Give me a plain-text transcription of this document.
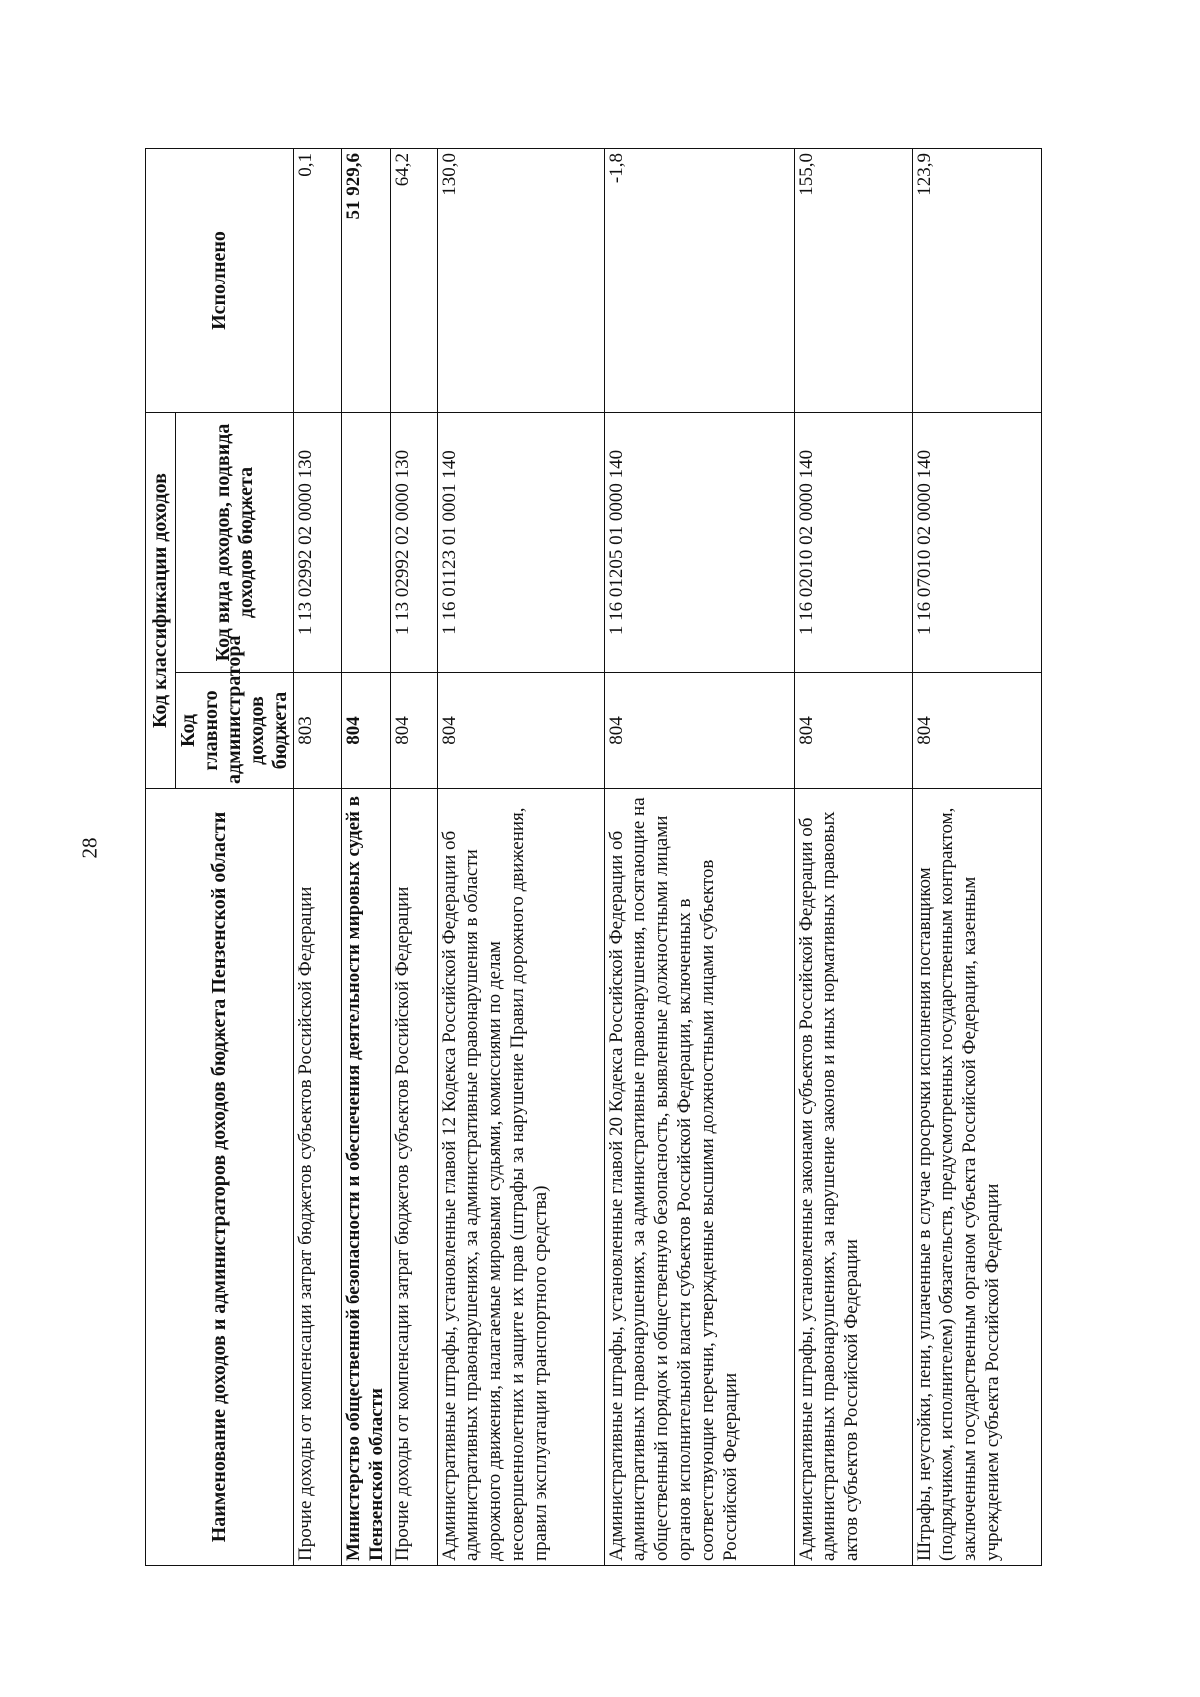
28	Наименование доходов и администраторов доходов бюджета Пензенской области	Код классификации доходов		Исполнено
	Код главного администратора доходов бюджета	Код вида доходов, подвида доходов бюджета	
Прочие доходы от компенсации затрат бюджетов субъектов Российской Федерации	803	1 13 02992 02 0000 130	0,1
Министерство общественной безопасности и обеспечения деятельности мировых судей в Пензенской области	804		51 929,6
Прочие доходы от компенсации затрат бюджетов субъектов Российской Федерации	804	1 13 02992 02 0000 130	64,2
Административные штрафы, установленные главой 12 Кодекса Российской Федерации об административных правонарушениях, за административные правонарушения в области дорожного движения, налагаемые мировыми судьями, комиссиями по делам несовершеннолетних и защите их прав (штрафы за нарушение Правил дорожного движения, правил эксплуатации транспортного средства)	804	1 16 01123 01 0001 140	130,0
Административные штрафы, установленные главой 20 Кодекса Российской Федерации об административных правонарушениях, за административные правонарушения, посягающие на общественный порядок и общественную безопасность, выявленные должностными лицами органов исполнительной власти субъектов Российской Федерации, включенных в соответствующие перечни, утвержденные высшими должностными лицами субъектов Российской Федерации	804	1 16 01205 01 0000 140	-1,8
Административные штрафы, установленные законами субъектов Российской Федерации об административных правонарушениях, за нарушение законов и иных нормативных правовых актов субъектов Российской Федерации	804	1 16 02010 02 0000 140	155,0
Штрафы, неустойки, пени, уплаченные в случае просрочки исполнения поставщиком (подрядчиком, исполнителем) обязательств, предусмотренных государственным контрактом, заключенным государственным органом субъекта Российской Федерации, казенным учреждением субъекта Российской Федерации	804	1 16 07010 02 0000 140	123,9
